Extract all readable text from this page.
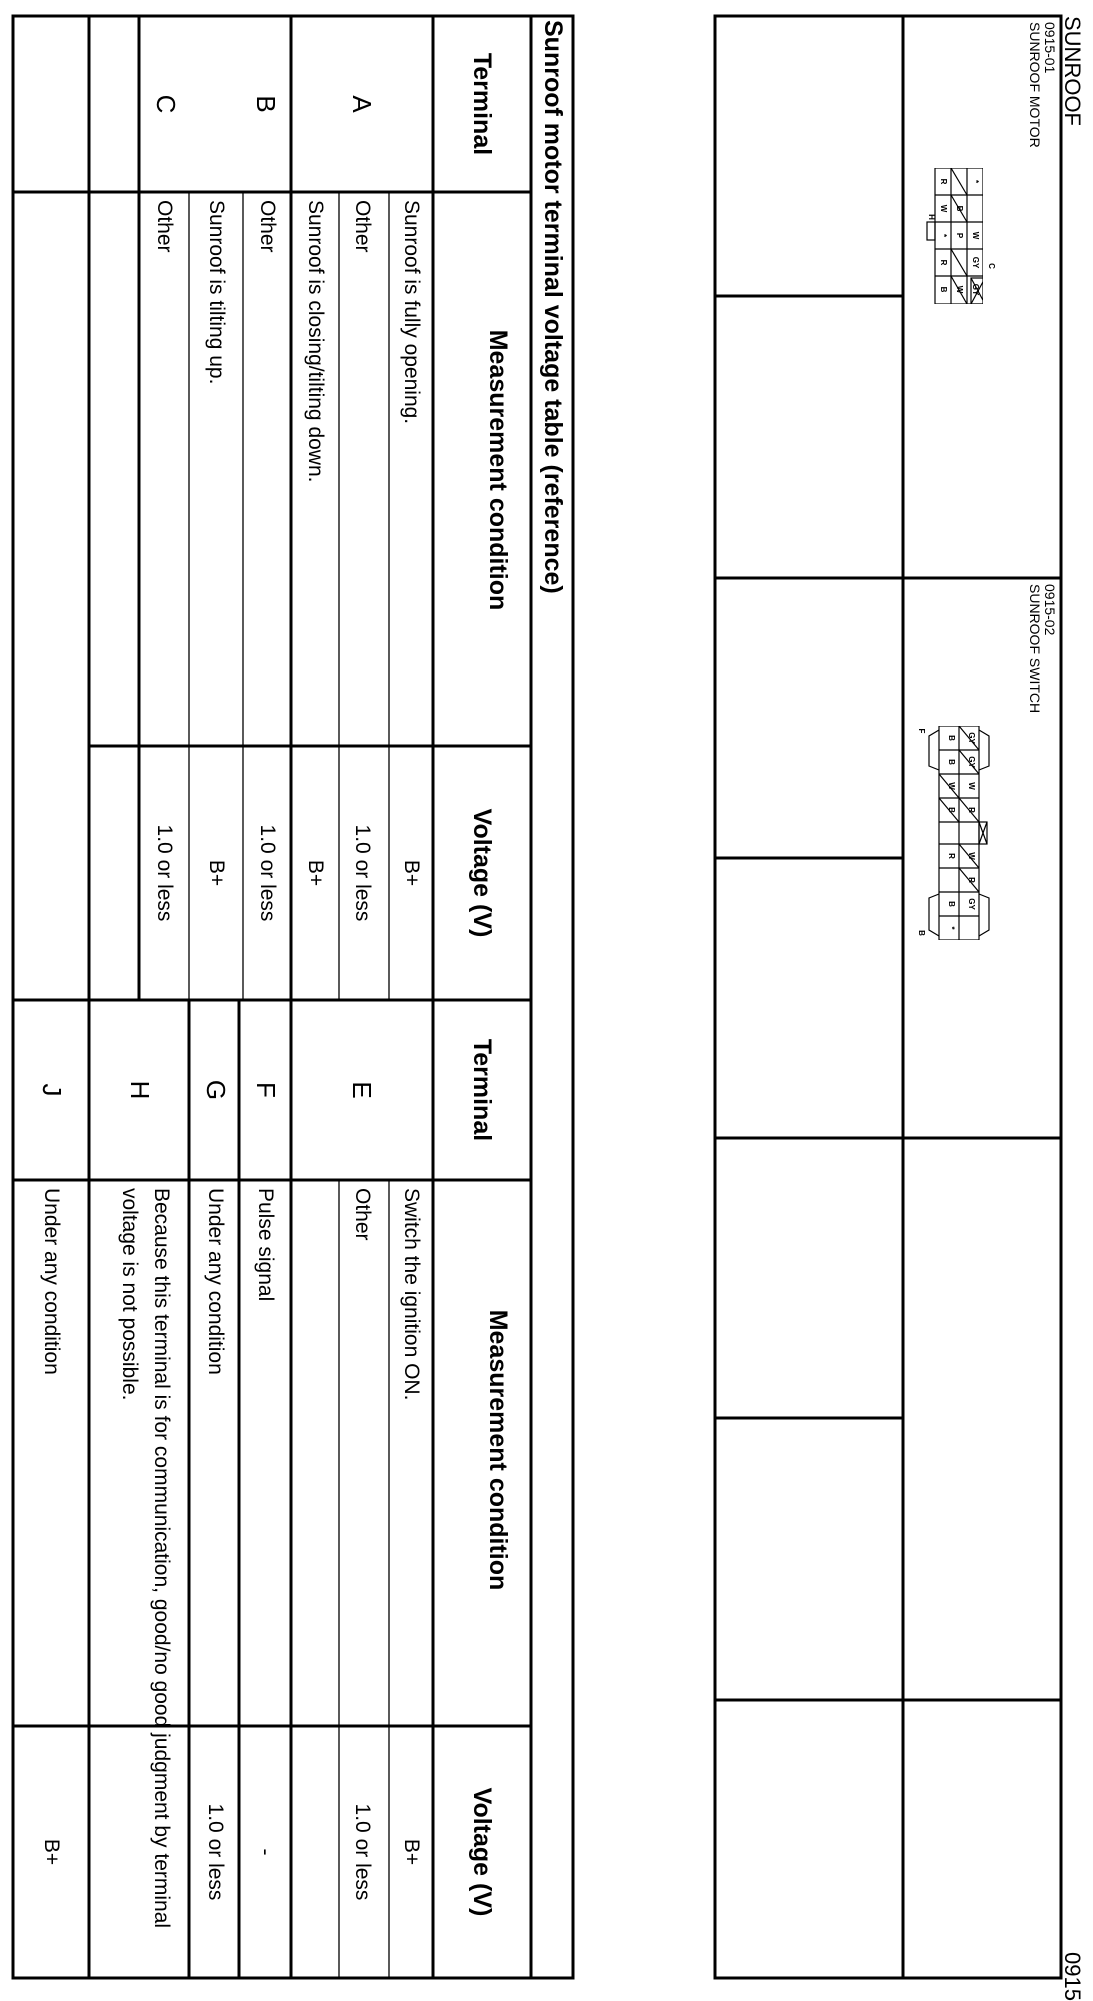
SUNROOF
0915
0915-01
SUNROOF MOTOR
*
W
GY
GY
B
P
*
W
R
W
R
B
C
H
0915-02
SUNROOF SWITCH
GY
GY
W
R
W
R
GY
B
B
W
B
R
B
*
F
B
Sunroof motor terminal voltage table (reference)
Terminal
Measurement condition
Voltage (V)
Terminal
Measurement condition
Voltage (V)
A
B
C
Sunroof is fully opening.
B+
Other
1.0 or less
Sunroof is closing/tilting down.
B+
Other
1.0 or less
Sunroof is tilting up.
B+
Other
1.0 or less
E
F
G
H
J
Switch the ignition ON.
B+
Other
1.0 or less
Pulse signal
-
Under any condition
1.0 or less
Because this terminal is for communication, good/no good judgment by terminal voltage is not possible.
Under any condition
B+
